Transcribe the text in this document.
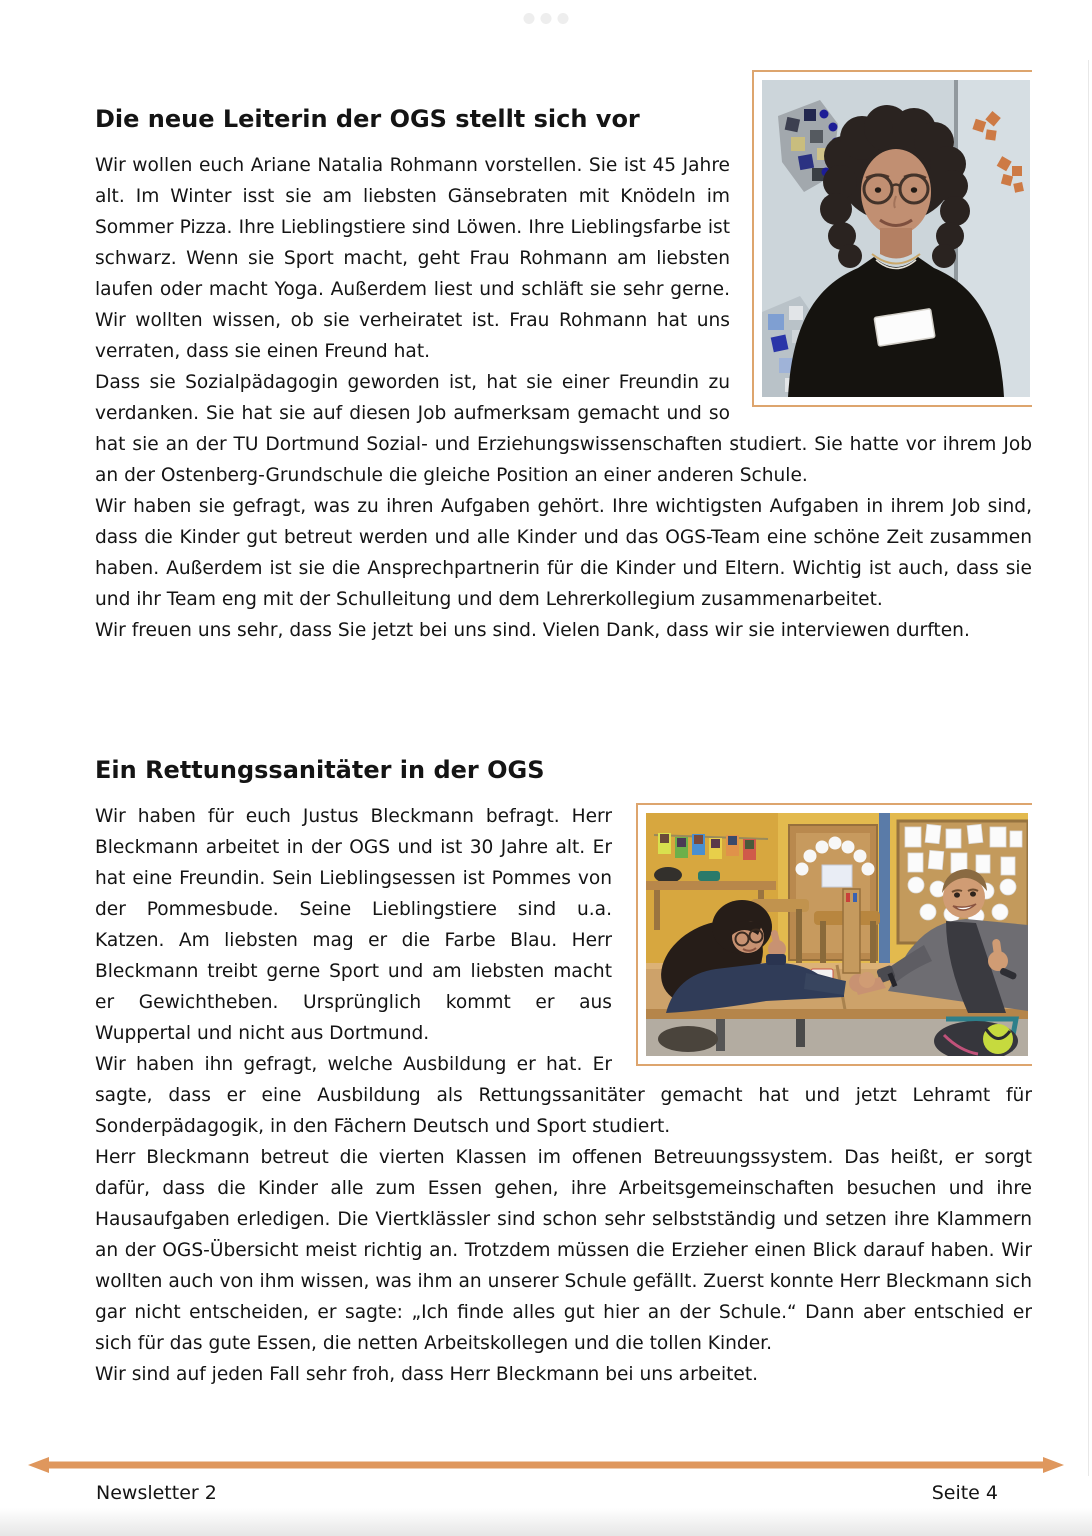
Die neue Leiterin der OGS stellt sich vor

Wir wollen euch Ariane Natalia Rohmann vorstellen. Sie ist 45 Jahre alt. Im Winter isst sie am liebsten Gänsebraten mit Knödeln im Sommer Pizza. Ihre Lieblingstiere sind Löwen. Ihre Lieblingsfarbe ist schwarz. Wenn sie Sport macht, geht Frau Rohmann am liebsten laufen oder macht Yoga. Außerdem liest und schläft sie sehr gerne. Wir wollten wissen, ob sie verheiratet ist. Frau Rohmann hat uns verraten, dass sie einen Freund hat.

Dass sie Sozialpädagogin geworden ist, hat sie einer Freundin zu verdanken. Sie hat sie auf diesen Job aufmerksam gemacht und so hat sie an der TU Dortmund Sozial- und Erziehungswissenschaften studiert. Sie hatte vor ihrem Job an der Ostenberg-Grundschule die gleiche Position an einer anderen Schule.

Wir haben sie gefragt, was zu ihren Aufgaben gehört. Ihre wichtigsten Aufgaben in ihrem Job sind, dass die Kinder gut betreut werden und alle Kinder und das OGS-Team eine schöne Zeit zusammen haben. Außerdem ist sie die Ansprechpartnerin für die Kinder und Eltern. Wichtig ist auch, dass sie und ihr Team eng mit der Schulleitung und dem Lehrerkollegium zusammenarbeitet.

Wir freuen uns sehr, dass Sie jetzt bei uns sind. Vielen Dank, dass wir sie interviewen durften.

Ein Rettungssanitäter in der OGS

Wir haben für euch Justus Bleckmann befragt. Herr Bleckmann arbeitet in der OGS und ist 30 Jahre alt. Er hat eine Freundin. Sein Lieblingsessen ist Pommes von der Pommesbude. Seine Lieblingstiere sind u.a. Katzen. Am liebsten mag er die Farbe Blau. Herr Bleckmann treibt gerne Sport und am liebsten macht er Gewichtheben. Ursprünglich kommt er aus Wuppertal und nicht aus Dortmund.

Wir haben ihn gefragt, welche Ausbildung er hat. Er sagte, dass er eine Ausbildung als Rettungssanitäter gemacht hat und jetzt Lehramt für Sonderpädagogik, in den Fächern Deutsch und Sport studiert.

Herr Bleckmann betreut die vierten Klassen im offenen Betreuungssystem. Das heißt, er sorgt dafür, dass die Kinder alle zum Essen gehen, ihre Arbeitsgemeinschaften besuchen und ihre Hausaufgaben erledigen. Die Viertklässler sind schon sehr selbstständig und setzen ihre Klammern an der OGS-Übersicht meist richtig an. Trotzdem müssen die Erzieher einen Blick darauf haben. Wir wollten auch von ihm wissen, was ihm an unserer Schule gefällt. Zuerst konnte Herr Bleckmann sich gar nicht entscheiden, er sagte: „Ich finde alles gut hier an der Schule.“ Dann aber entschied er sich für das gute Essen, die netten Arbeitskollegen und die tollen Kinder.

Wir sind auf jeden Fall sehr froh, dass Herr Bleckmann bei uns arbeitet.

Newsletter 2	Seite 4
